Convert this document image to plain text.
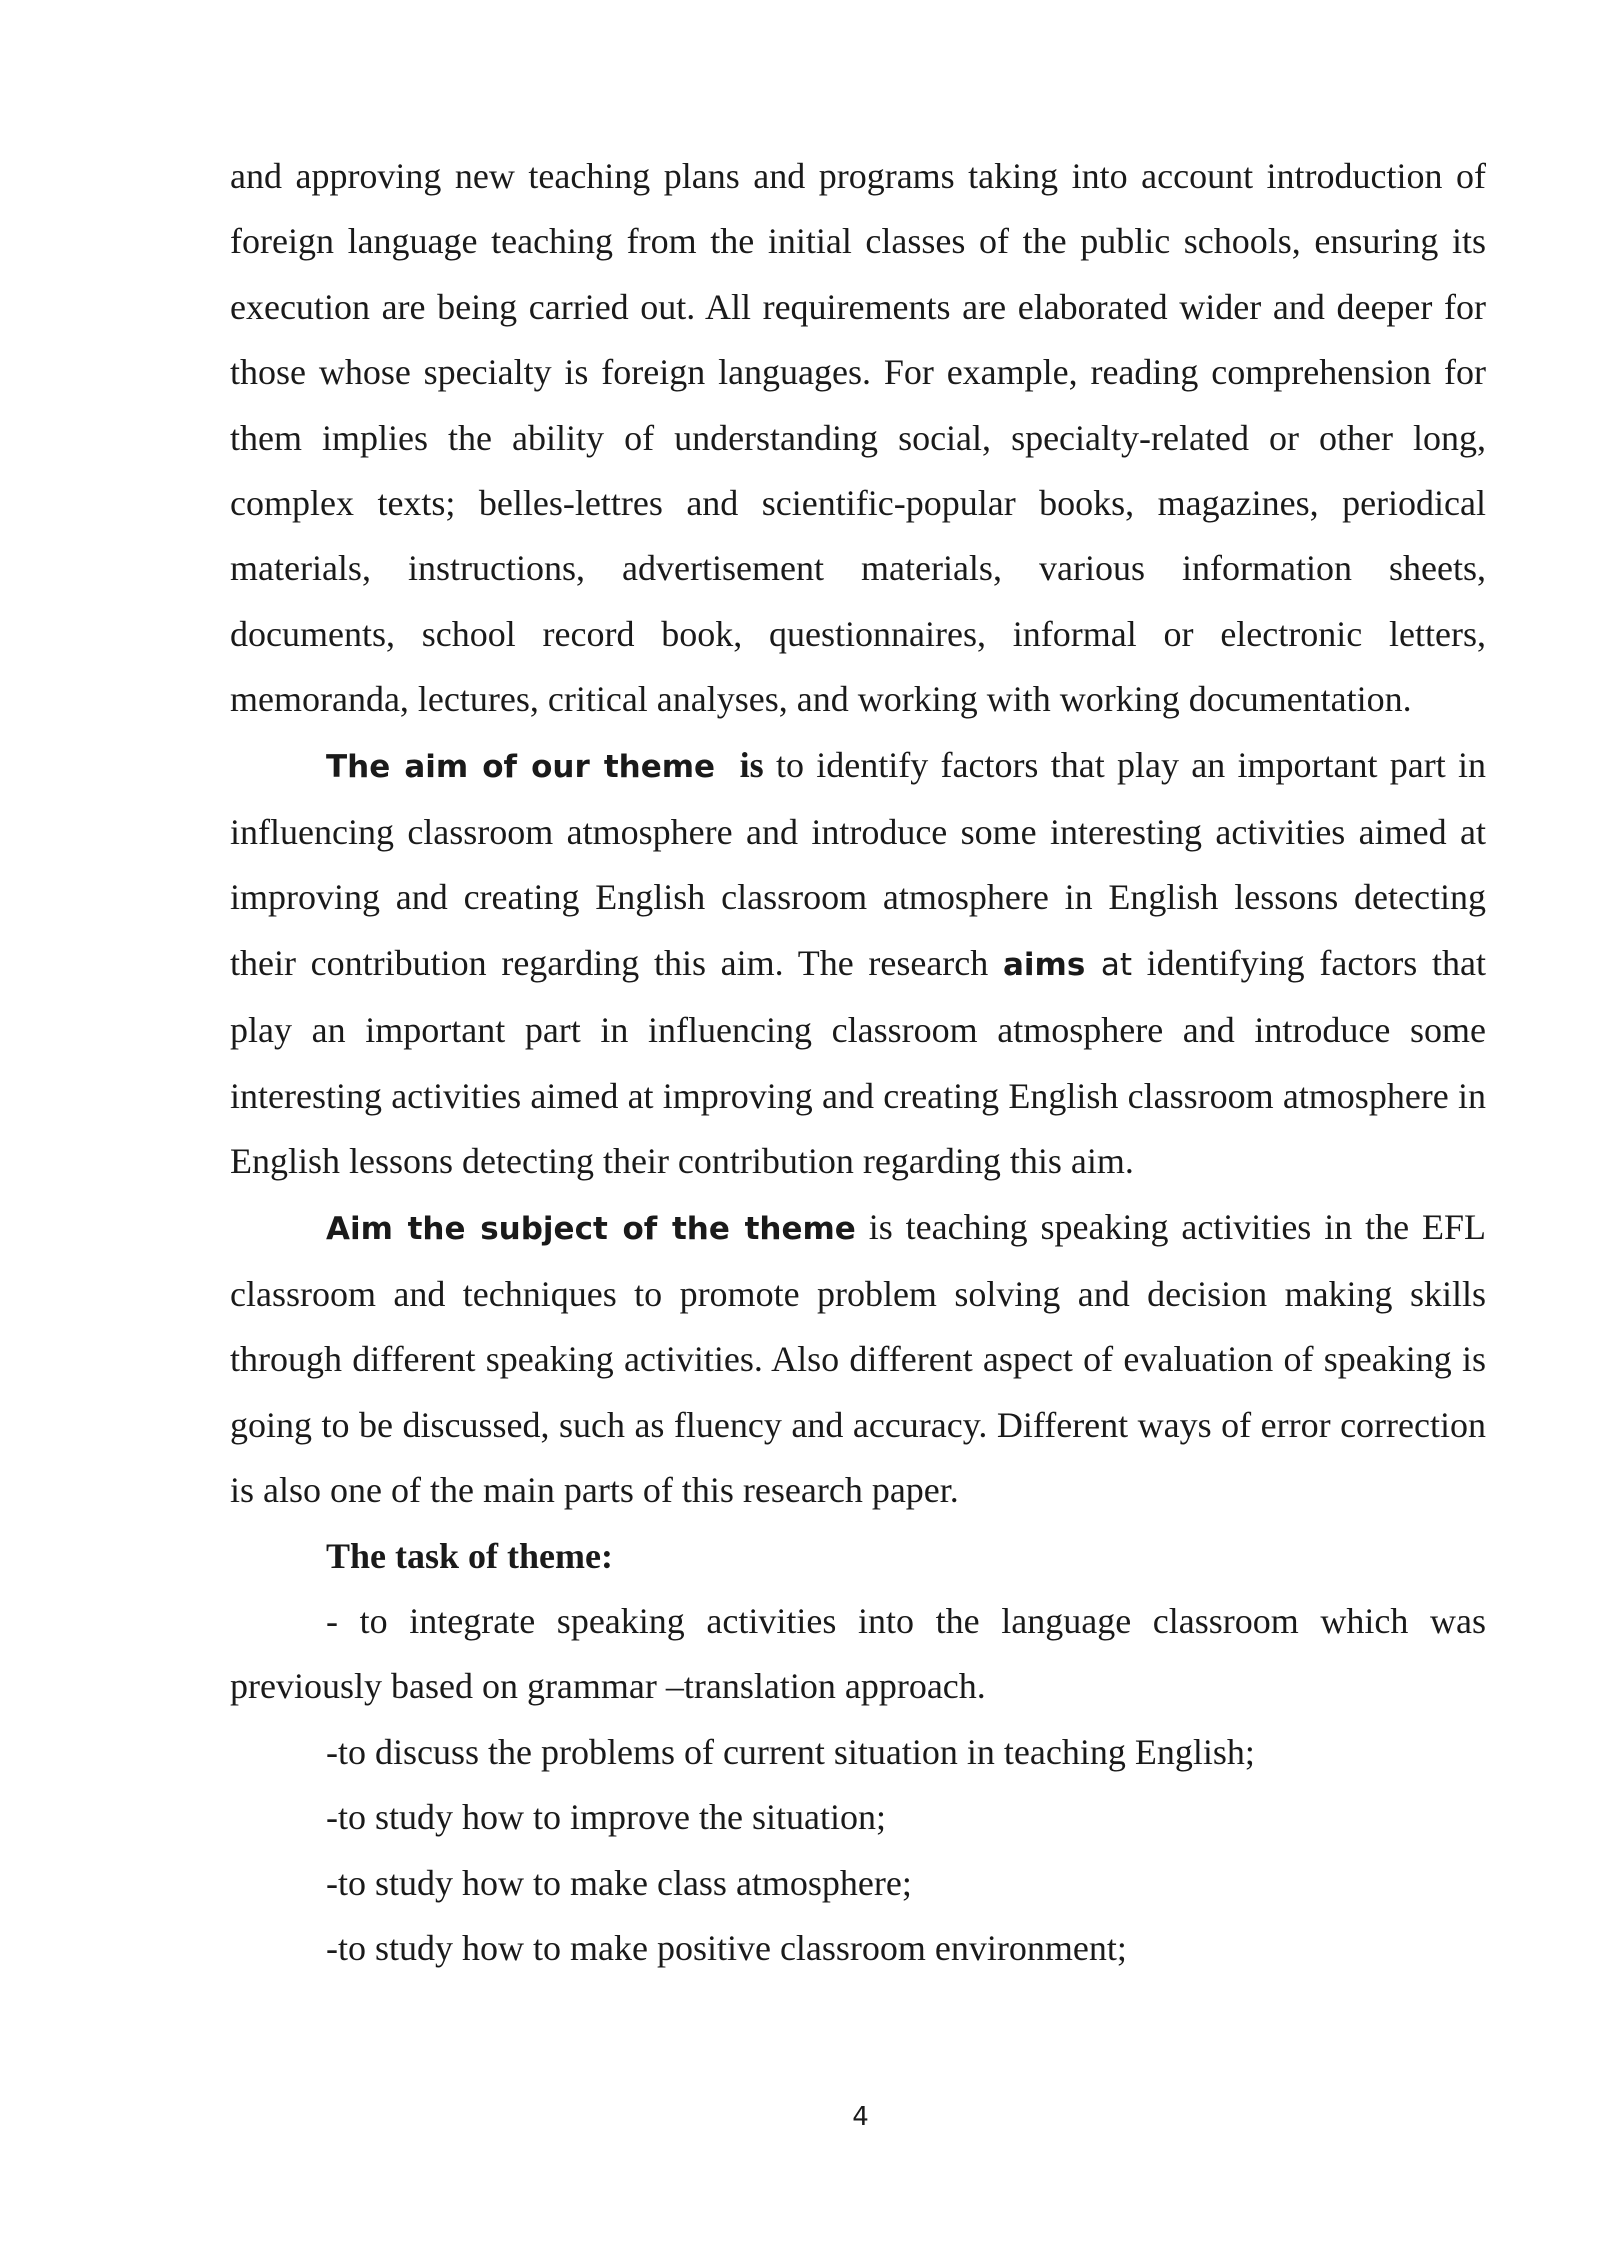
and approving new teaching plans and programs taking into account introduction of foreign language teaching from the initial classes of the public schools, ensuring its execution are being carried out. All requirements are elaborated wider and deeper for those whose specialty is foreign languages. For example, reading comprehension for them implies the ability of understanding social, specialty-related or other long, complex texts; belles-lettres and scientific-popular books, magazines, periodical materials, instructions, advertisement materials, various information sheets, documents, school record book, questionnaires, informal or electronic letters, memoranda, lectures, critical analyses, and working with working documentation.

The aim of our theme is to identify factors that play an important part in influencing classroom atmosphere and introduce some interesting activities aimed at improving and creating English classroom atmosphere in English lessons detecting their contribution regarding this aim. The research aims at identifying factors that play an important part in influencing classroom atmosphere and introduce some interesting activities aimed at improving and creating English classroom atmosphere in English lessons detecting their contribution regarding this aim.

Aim the subject of the theme is teaching speaking activities in the EFL classroom and techniques to promote problem solving and decision making skills through different speaking activities. Also different aspect of evaluation of speaking is going to be discussed, such as fluency and accuracy. Different ways of error correction is also one of the main parts of this research paper.

The task of theme:

- to integrate speaking activities into the language classroom which was previously based on grammar –translation approach.

-to discuss the problems of current situation in teaching English;

-to study how to improve the situation;

-to study how to make class atmosphere;

-to study how to make positive classroom environment;

4
